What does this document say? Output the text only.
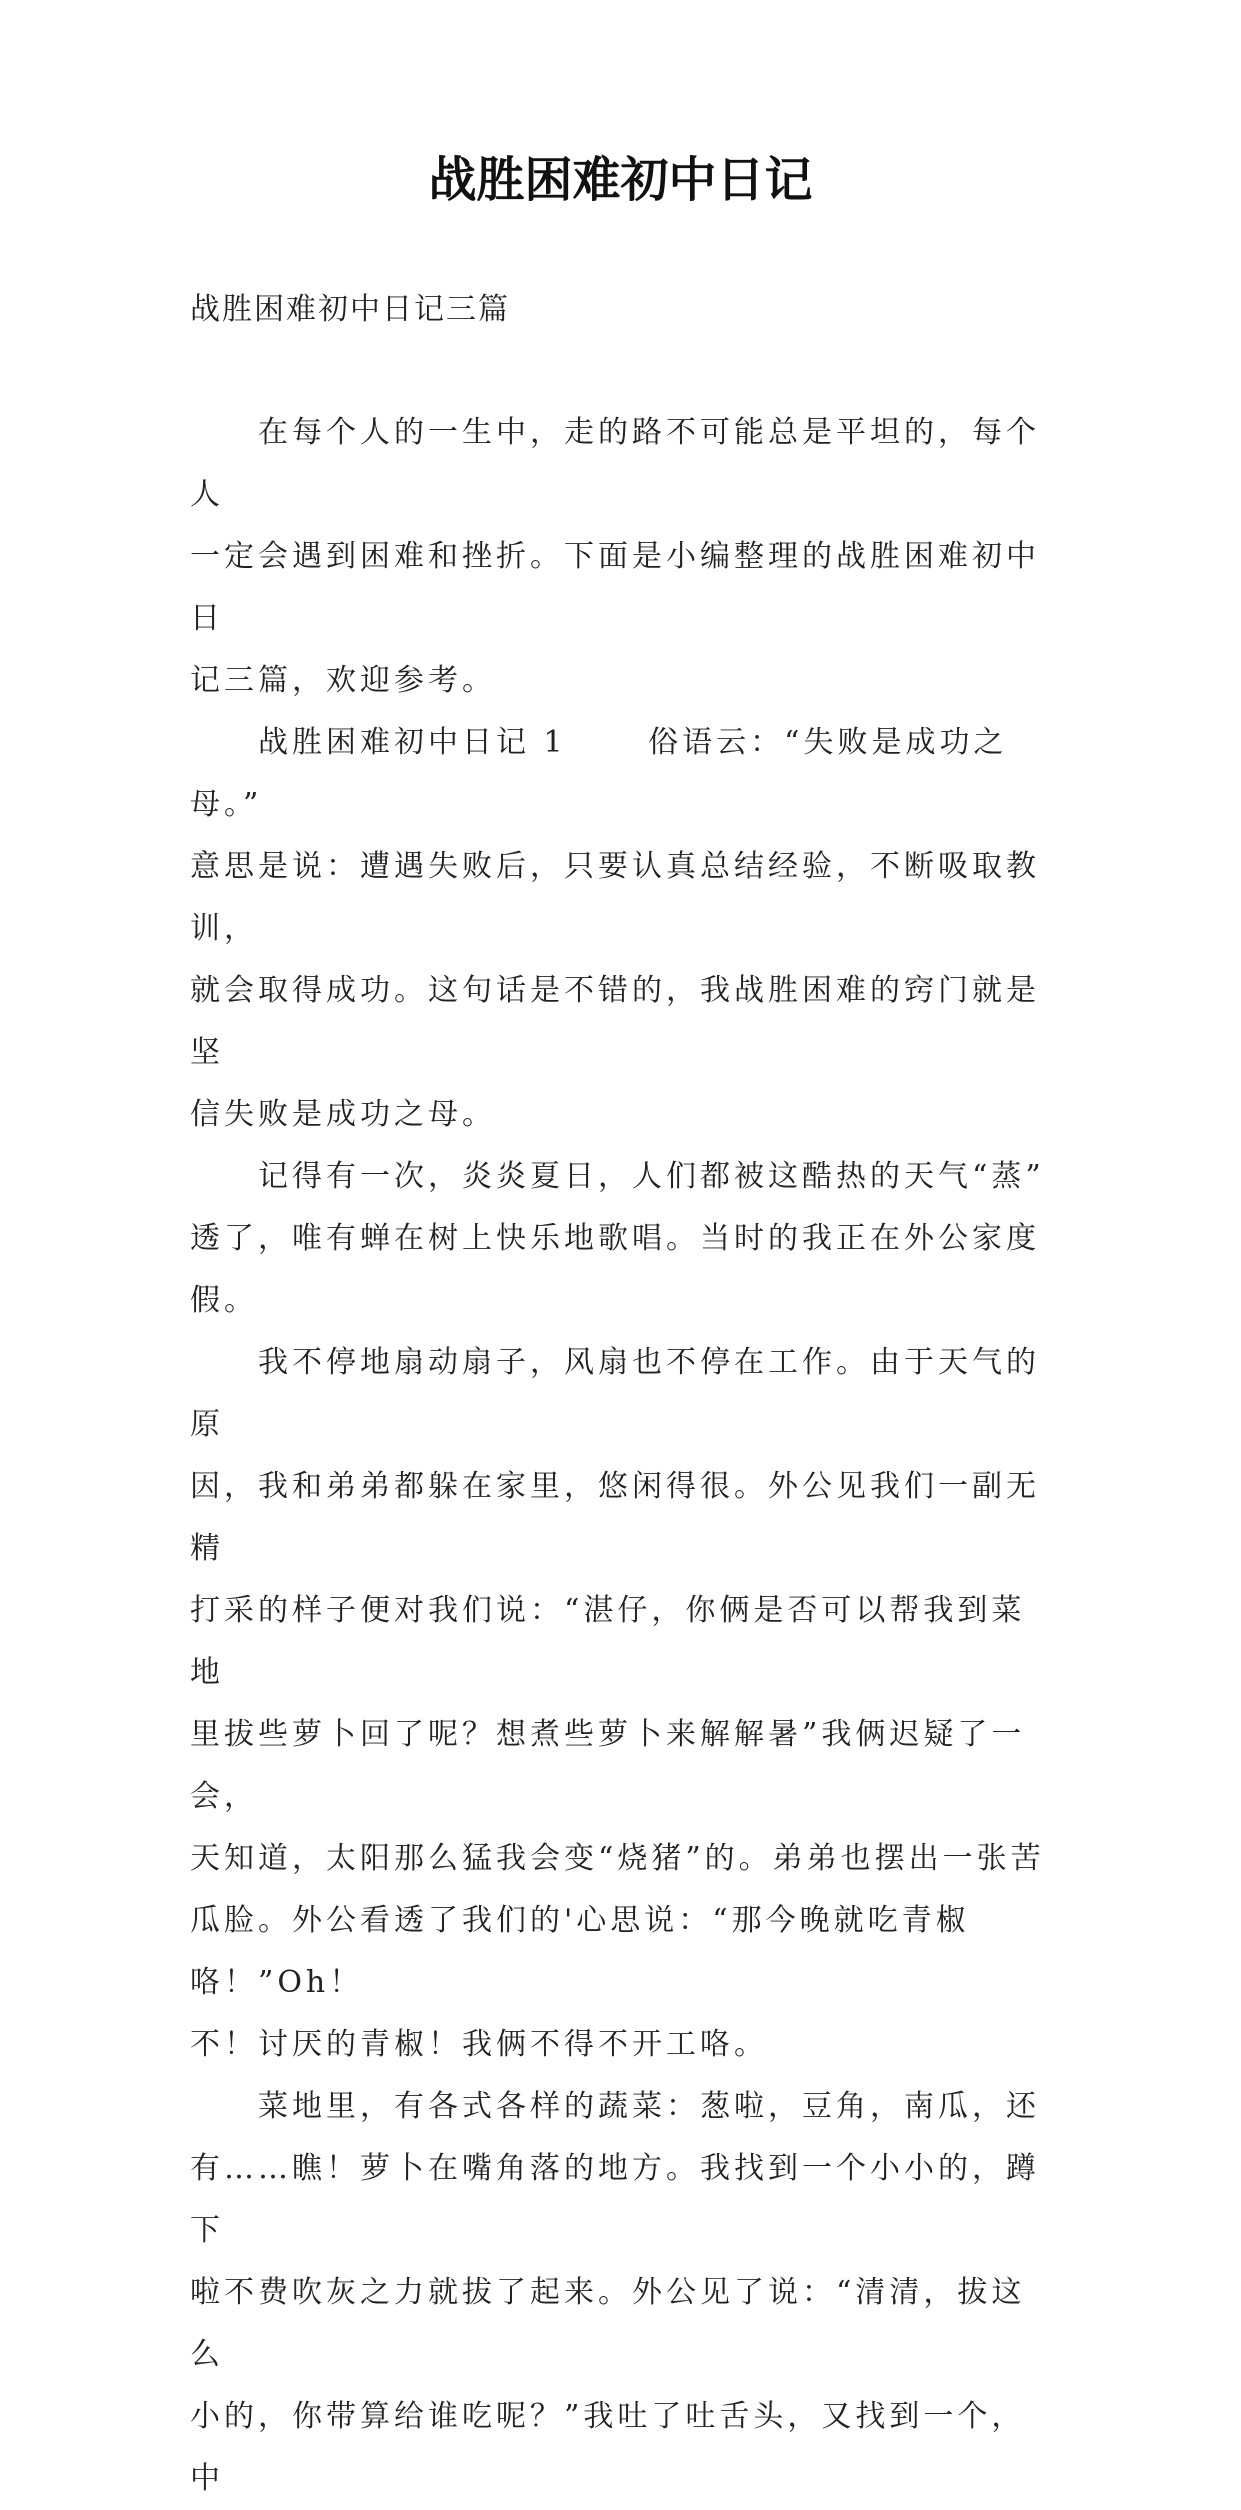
战胜困难初中日记

战胜困难初中日记三篇

　　在每个人的一生中，走的路不可能总是平坦的，每个人
一定会遇到困难和挫折。下面是小编整理的战胜困难初中日
记三篇，欢迎参考。

　　战胜困难初中日记 1　　 俗语云：“失败是成功之母。”
意思是说：遭遇失败后，只要认真总结经验，不断吸取教训，
就会取得成功。这句话是不错的，我战胜困难的窍门就是坚
信失败是成功之母。

　　记得有一次，炎炎夏日，人们都被这酷热的天气“蒸”
透了，唯有蝉在树上快乐地歌唱。当时的我正在外公家度假。

　　我不停地扇动扇子，风扇也不停在工作。由于天气的原
因，我和弟弟都躲在家里，悠闲得很。外公见我们一副无精
打采的样子便对我们说：“湛仔，你俩是否可以帮我到菜地
里拔些萝卜回了呢？想煮些萝卜来解解暑”我俩迟疑了一会，
天知道，太阳那么猛我会变“烧猪”的。弟弟也摆出一张苦
瓜脸。外公看透了我们的'心思说：“那今晚就吃青椒咯！”Oh！
不！讨厌的青椒！我俩不得不开工咯。

　　菜地里，有各式各样的蔬菜：葱啦，豆角，南瓜，还
有……瞧！萝卜在嘴角落的地方。我找到一个小小的，蹲下
啦不费吹灰之力就拔了起来。外公见了说：“清清，拔这么
小的，你带算给谁吃呢？”我吐了吐舌头，又找到一个，中
